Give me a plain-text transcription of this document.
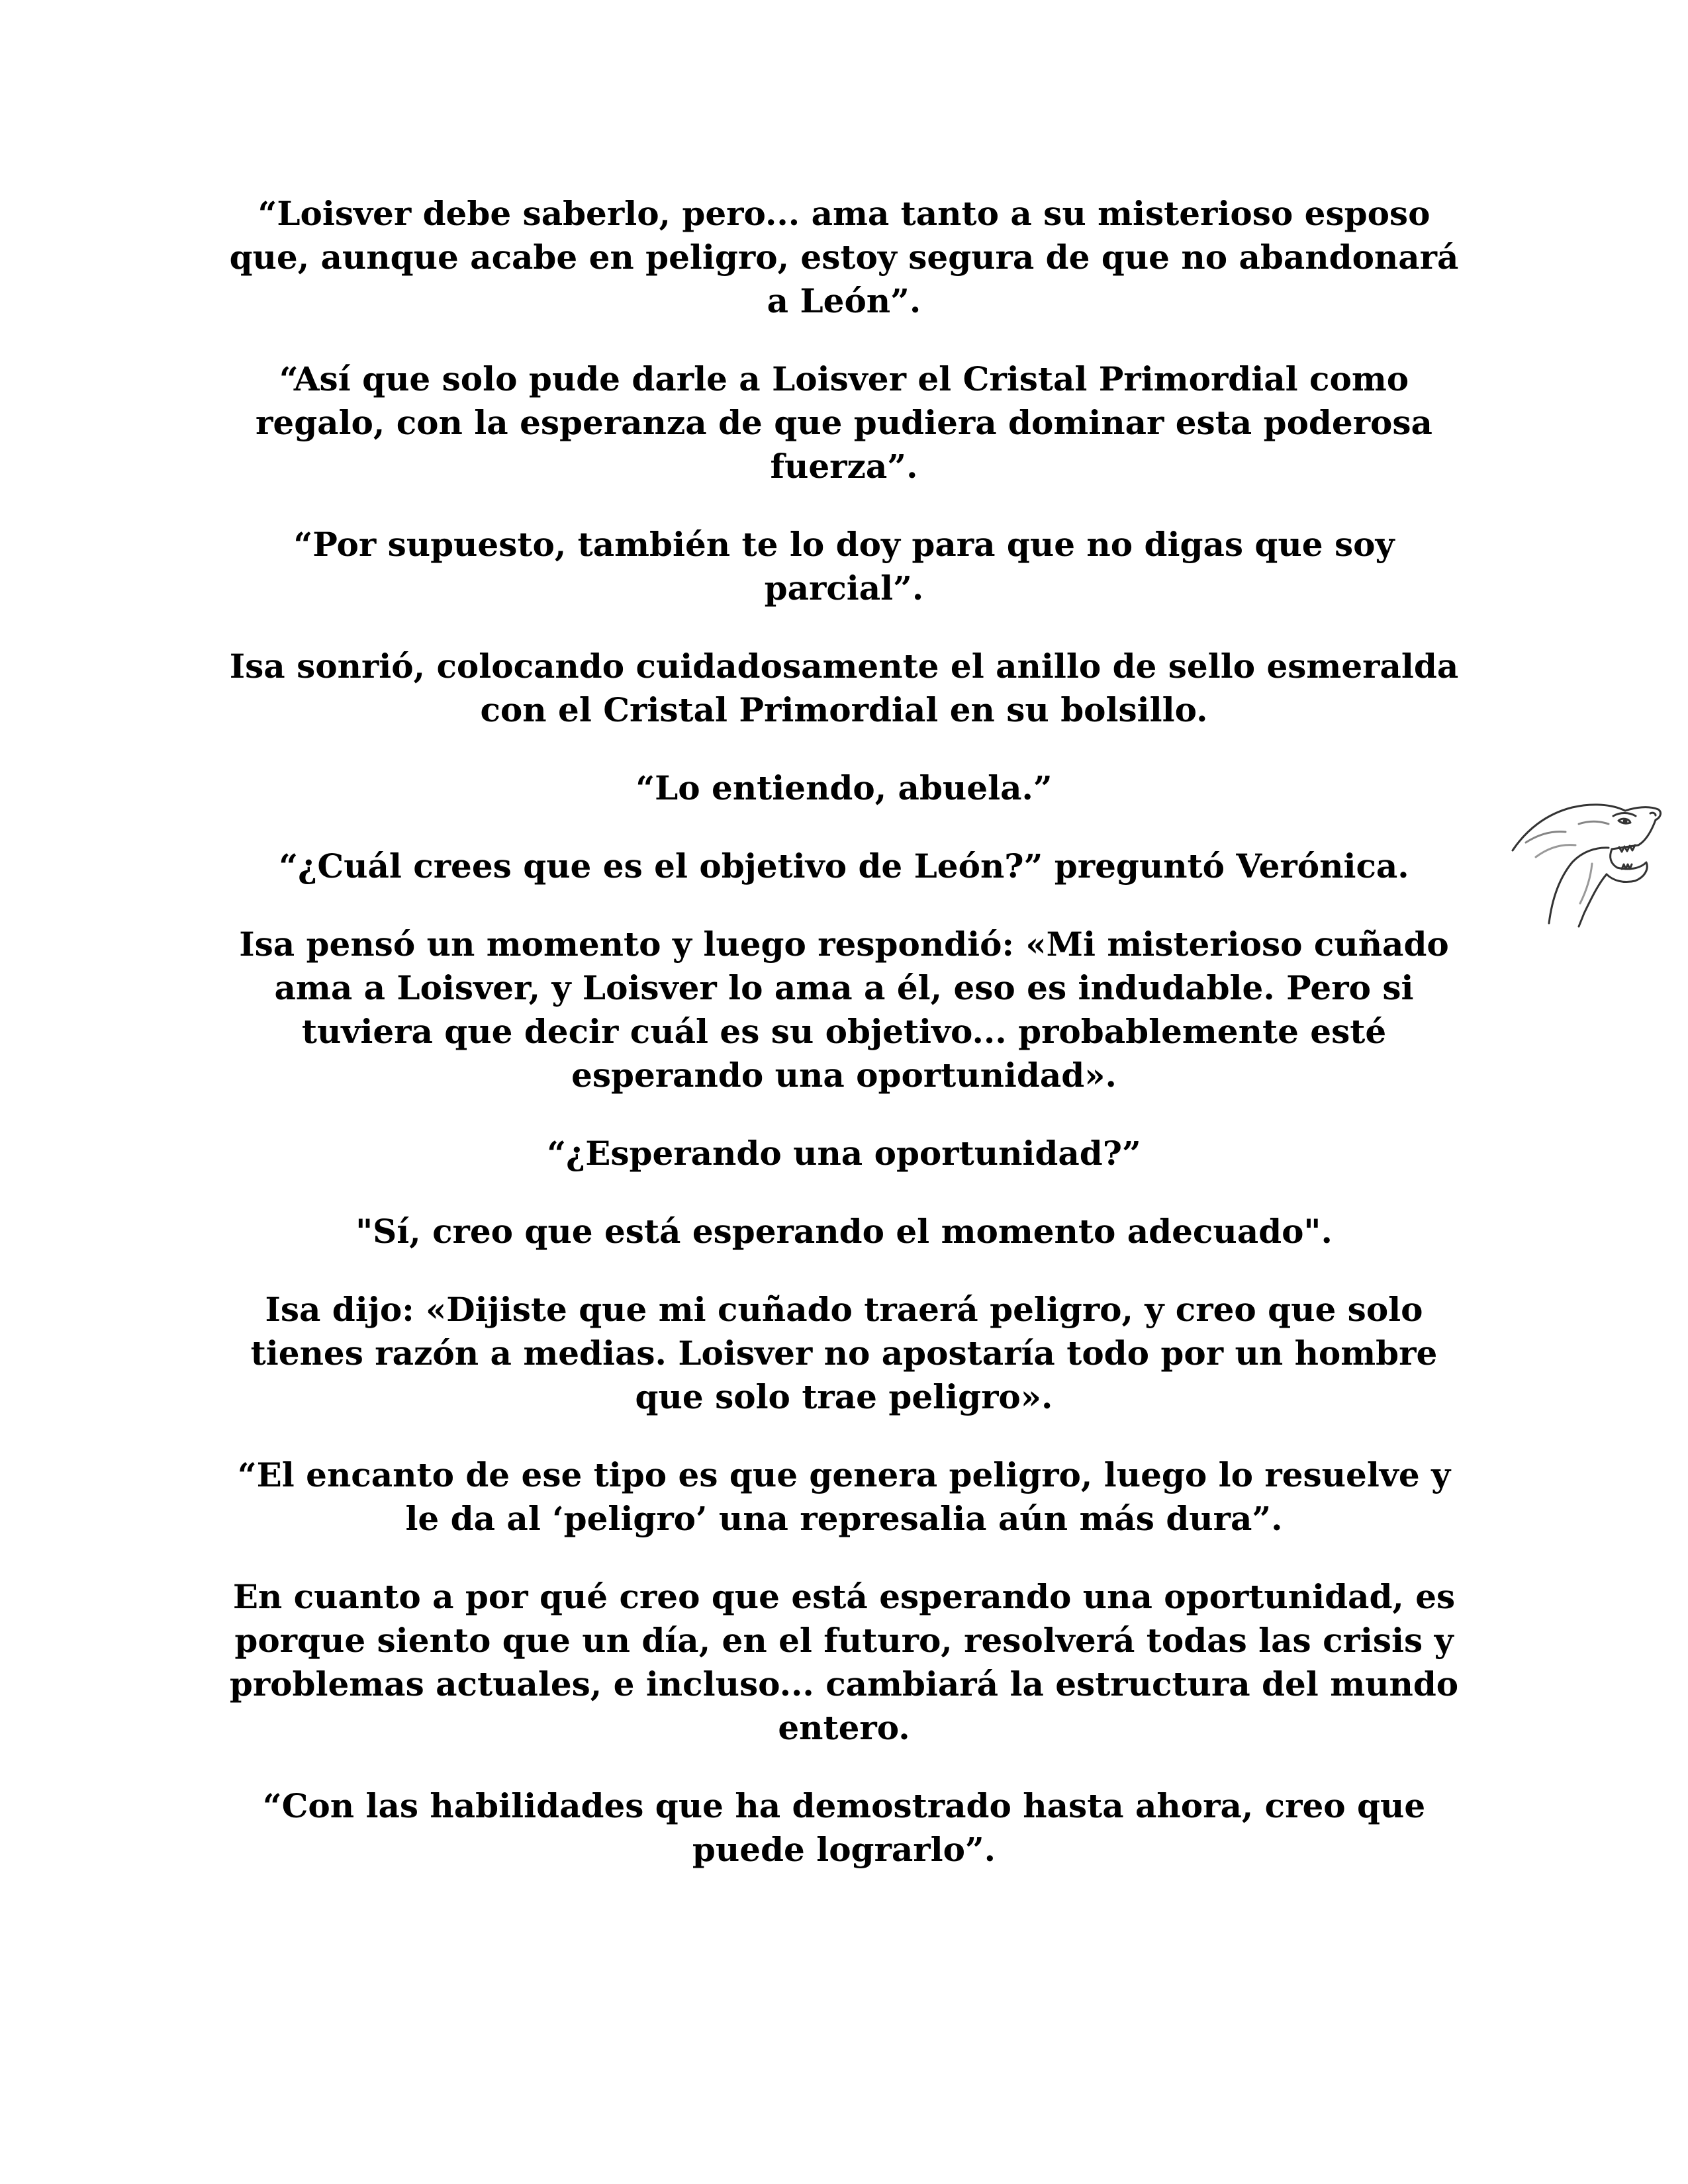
“Loisver debe saberlo, pero... ama tanto a su misterioso esposo que, aunque acabe en peligro, estoy segura de que no abandonará a León”.

“Así que solo pude darle a Loisver el Cristal Primordial como regalo, con la esperanza de que pudiera dominar esta poderosa fuerza”.

“Por supuesto, también te lo doy para que no digas que soy parcial”.

Isa sonrió, colocando cuidadosamente el anillo de sello esmeralda con el Cristal Primordial en su bolsillo.

“Lo entiendo, abuela.”

“¿Cuál crees que es el objetivo de León?” preguntó Verónica.

Isa pensó un momento y luego respondió: «Mi misterioso cuñado ama a Loisver, y Loisver lo ama a él, eso es indudable. Pero si tuviera que decir cuál es su objetivo... probablemente esté esperando una oportunidad».

“¿Esperando una oportunidad?”

"Sí, creo que está esperando el momento adecuado".

Isa dijo: «Dijiste que mi cuñado traerá peligro, y creo que solo tienes razón a medias. Loisver no apostaría todo por un hombre que solo trae peligro».

“El encanto de ese tipo es que genera peligro, luego lo resuelve y le da al ‘peligro’ una represalia aún más dura”.

En cuanto a por qué creo que está esperando una oportunidad, es porque siento que un día, en el futuro, resolverá todas las crisis y problemas actuales, e incluso... cambiará la estructura del mundo entero.

“Con las habilidades que ha demostrado hasta ahora, creo que puede lograrlo”.
